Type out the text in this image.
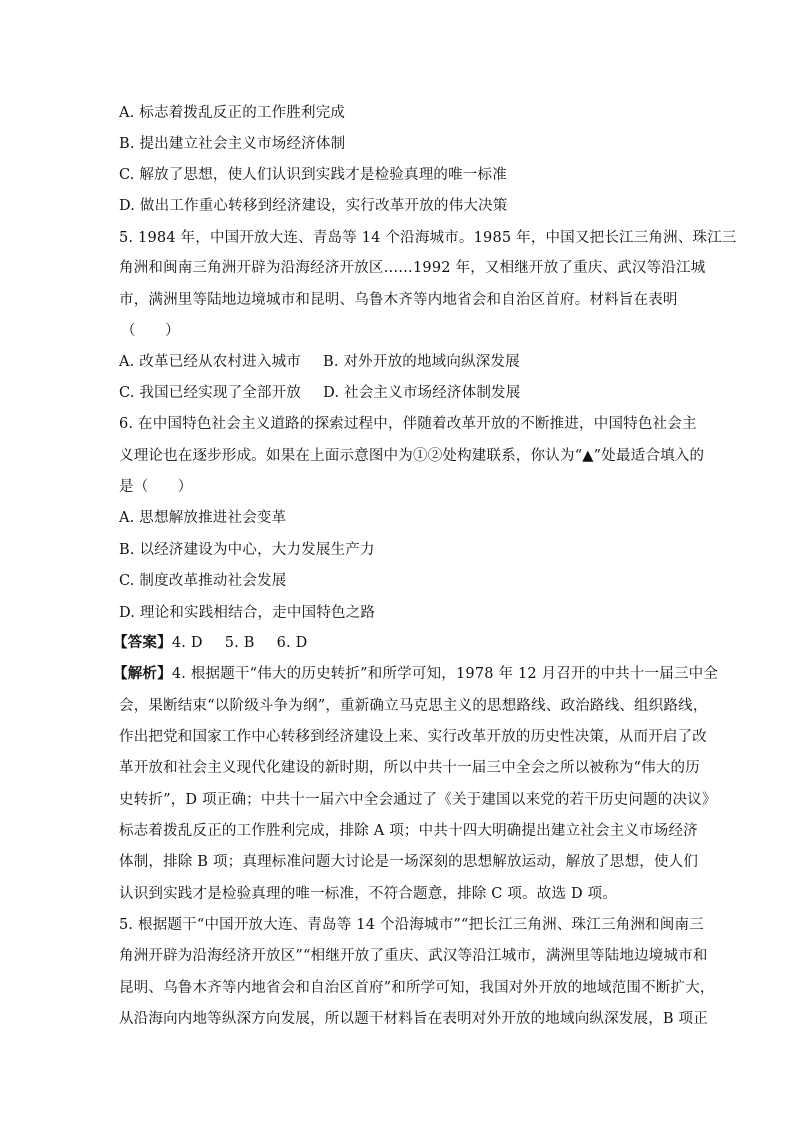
A. 标志着拨乱反正的工作胜利完成
B. 提出建立社会主义市场经济体制
C. 解放了思想，使人们认识到实践才是检验真理的唯一标准
D. 做出工作重心转移到经济建设，实行改革开放的伟大决策
5. 1984 年，中国开放大连、青岛等 14 个沿海城市。1985 年，中国又把长江三角洲、珠江三
角洲和闽南三角洲开辟为沿海经济开放区……1992 年，又相继开放了重庆、武汉等沿江城
市，满洲里等陆地边境城市和昆明、乌鲁木齐等内地省会和自治区首府。材料旨在表明
（　　）
A. 改革已经从农村进入城市 B. 对外开放的地域向纵深发展
C. 我国已经实现了全部开放 D. 社会主义市场经济体制发展
6. 在中国特色社会主义道路的探索过程中，伴随着改革开放的不断推进，中国特色社会主
义理论也在逐步形成。如果在上面示意图中为①②处构建联系，你认为“▲”处最适合填入的
是（　　）
A. 思想解放推进社会变革
B. 以经济建设为中心，大力发展生产力
C. 制度改革推动社会发展
D. 理论和实践相结合，走中国特色之路
【答案】4. D 5. B 6. D
【解析】4. 根据题干“伟大的历史转折”和所学可知，1978 年 12 月召开的中共十一届三中全
会，果断结束“以阶级斗争为纲”，重新确立马克思主义的思想路线、政治路线、组织路线，
作出把党和国家工作中心转移到经济建设上来、实行改革开放的历史性决策，从而开启了改
革开放和社会主义现代化建设的新时期，所以中共十一届三中全会之所以被称为“伟大的历
史转折”，D 项正确；中共十一届六中全会通过了《关于建国以来党的若干历史问题的决议》
标志着拨乱反正的工作胜利完成，排除 A 项；中共十四大明确提出建立社会主义市场经济
体制，排除 B 项；真理标准问题大讨论是一场深刻的思想解放运动，解放了思想，使人们
认识到实践才是检验真理的唯一标准，不符合题意，排除 C 项。故选 D 项。
5. 根据题干“中国开放大连、青岛等 14 个沿海城市”“把长江三角洲、珠江三角洲和闽南三
角洲开辟为沿海经济开放区”“相继开放了重庆、武汉等沿江城市，满洲里等陆地边境城市和
昆明、乌鲁木齐等内地省会和自治区首府”和所学可知，我国对外开放的地域范围不断扩大，
从沿海向内地等纵深方向发展，所以题干材料旨在表明对外开放的地域向纵深发展，B 项正
